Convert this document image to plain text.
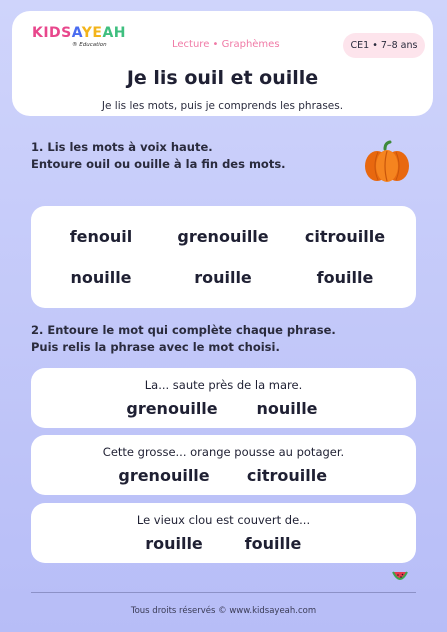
KIDSAYEAH
® Education	Lecture • Graphèmes	CE1 • 7–8 ans
Je lis ouil et ouille
Je lis les mots, puis je comprends les phrases.
1. Lis les mots à voix haute.
Entoure ouil ou ouille à la fin des mots.
fenouil	grenouille	citrouille
nouille	rouille	fouille
2. Entoure le mot qui complète chaque phrase.
Puis relis la phrase avec le mot choisi.
La... saute près de la mare.
grenouille	nouille
Cette grosse... orange pousse au potager.
grenouille	citrouille
Le vieux clou est couvert de...
rouille	fouille
Tous droits réservés © www.kidsayeah.com
